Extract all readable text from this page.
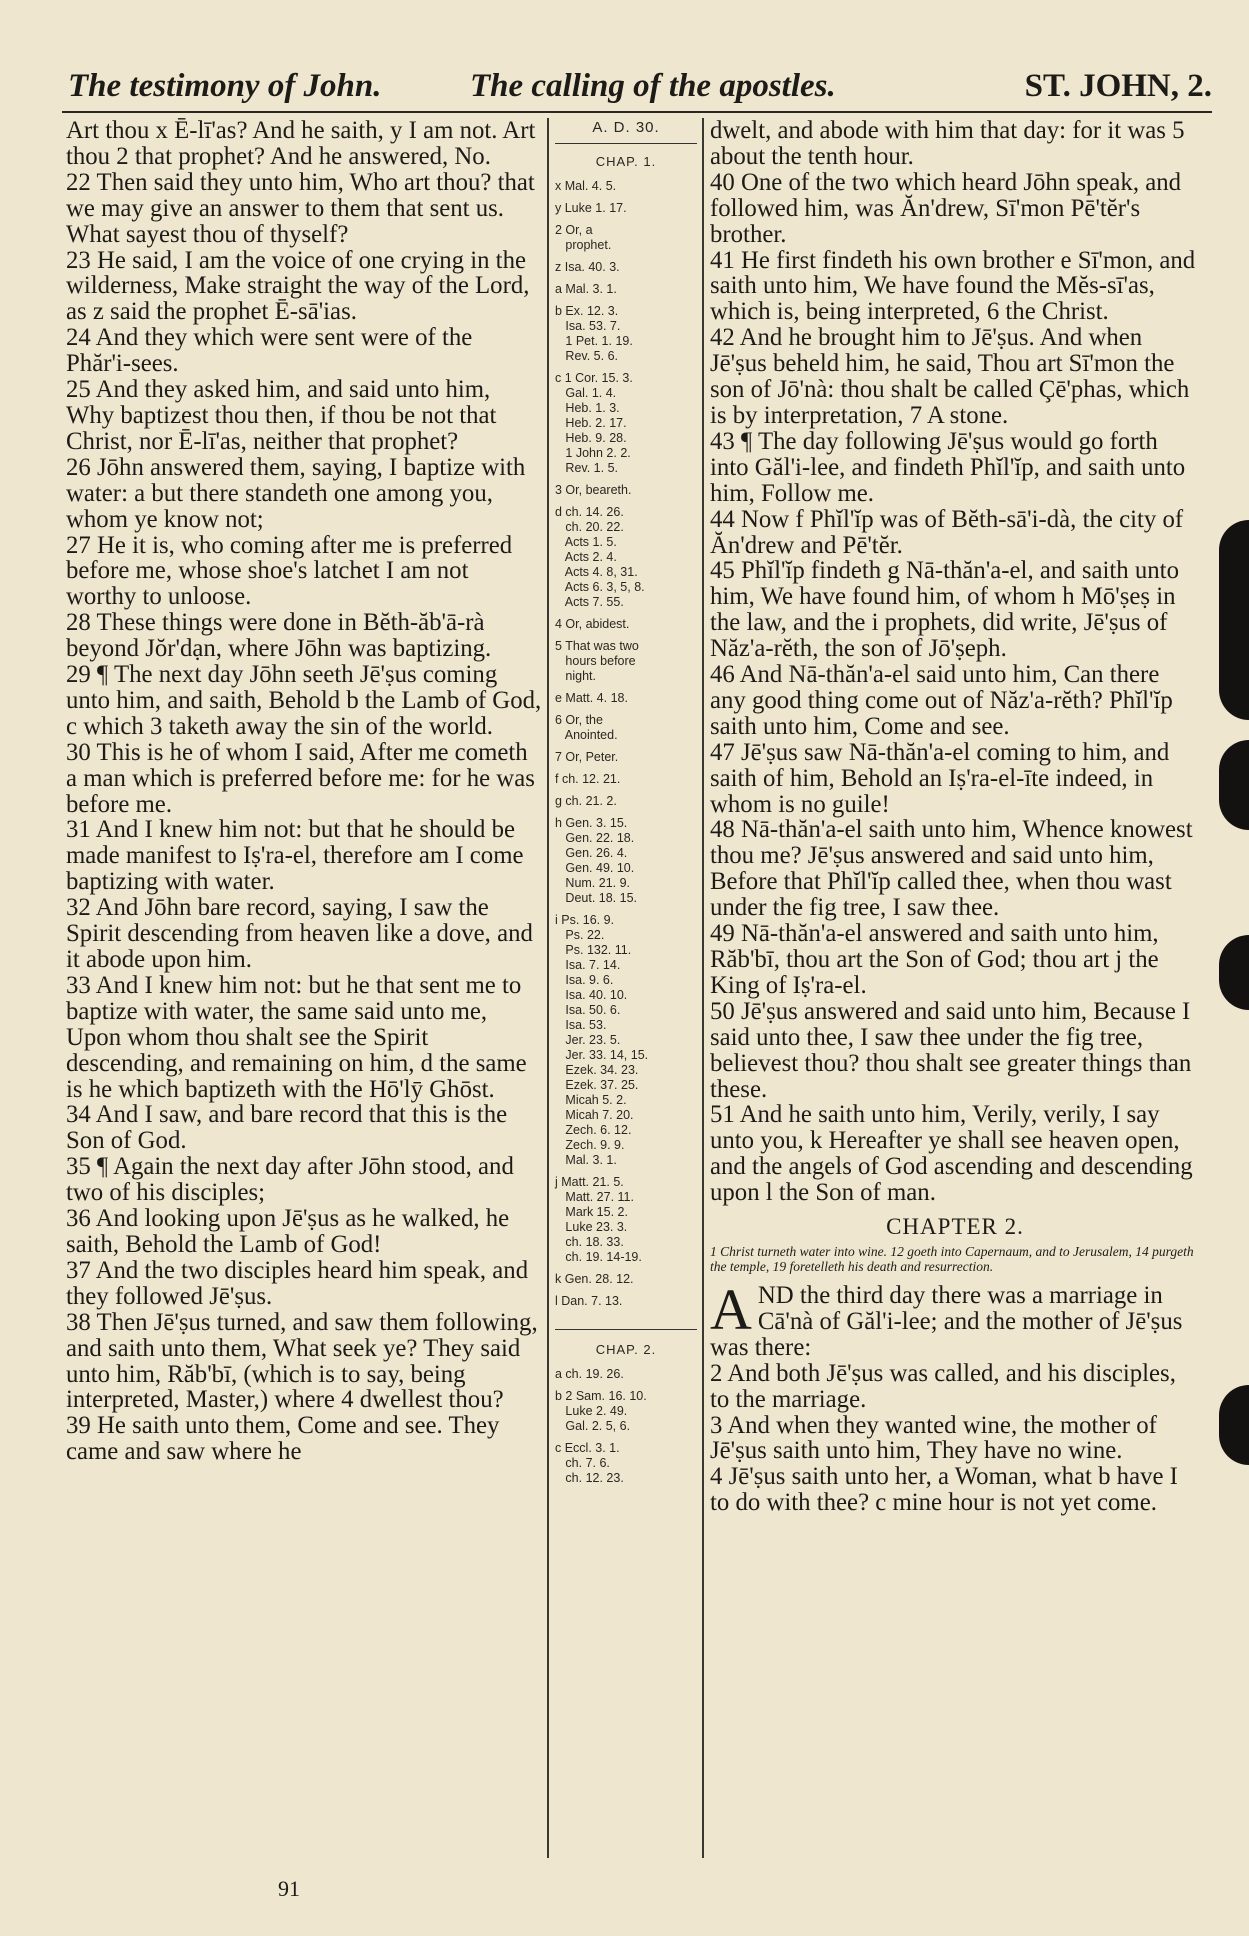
The testimony of John.	The calling of the apostles.	ST. JOHN, 2.

Art thou x Ē-lī'as? And he saith, y I am not. Art thou 2 that prophet? And he answered, No.

22 Then said they unto him, Who art thou? that we may give an answer to them that sent us. What sayest thou of thyself?

23 He said, I am the voice of one crying in the wilderness, Make straight the way of the Lord, as z said the prophet Ē-sā'ias.

24 And they which were sent were of the Phăr'i-sees.

25 And they asked him, and said unto him, Why baptizest thou then, if thou be not that Christ, nor Ē-lī'as, neither that prophet?

26 Jōhn answered them, saying, I baptize with water: a but there standeth one among you, whom ye know not;

27 He it is, who coming after me is preferred before me, whose shoe's latchet I am not worthy to unloose.

28 These things were done in Bĕth-ăb'ā-rà beyond Jŏr'dạn, where Jōhn was baptizing.

29 ¶ The next day Jōhn seeth Jē'ṣus coming unto him, and saith, Behold b the Lamb of God, c which 3 taketh away the sin of the world.

30 This is he of whom I said, After me cometh a man which is preferred before me: for he was before me.

31 And I knew him not: but that he should be made manifest to Iṣ'ra-el, therefore am I come baptizing with water.

32 And Jōhn bare record, saying, I saw the Spirit descending from heaven like a dove, and it abode upon him.

33 And I knew him not: but he that sent me to baptize with water, the same said unto me, Upon whom thou shalt see the Spirit descending, and remaining on him, d the same is he which baptizeth with the Hō'lȳ Ghōst.

34 And I saw, and bare record that this is the Son of God.

35 ¶ Again the next day after Jōhn stood, and two of his disciples;

36 And looking upon Jē'ṣus as he walked, he saith, Behold the Lamb of God!

37 And the two disciples heard him speak, and they followed Jē'ṣus.

38 Then Jē'ṣus turned, and saw them following, and saith unto them, What seek ye? They said unto him, Răb'bī, (which is to say, being interpreted, Master,) where 4 dwellest thou?

39 He saith unto them, Come and see. They came and saw where he

A. D. 30.
CHAP. 1.
x Mal. 4. 5.
y Luke 1. 17.
2 Or, a
prophet.
z Isa. 40. 3.
a Mal. 3. 1.
b Ex. 12. 3.
Isa. 53. 7.
1 Pet. 1. 19.
Rev. 5. 6.
c 1 Cor. 15. 3.
Gal. 1. 4.
Heb. 1. 3.
Heb. 2. 17.
Heb. 9. 28.
1 John 2. 2.
Rev. 1. 5.
3 Or, beareth.
d ch. 14. 26.
ch. 20. 22.
Acts 1. 5.
Acts 2. 4.
Acts 4. 8, 31.
Acts 6. 3, 5, 8.
Acts 7. 55.
4 Or, abidest.
5 That was two
hours before
night.
e Matt. 4. 18.
6 Or, the
Anointed.
7 Or, Peter.
f ch. 12. 21.
g ch. 21. 2.
h Gen. 3. 15.
Gen. 22. 18.
Gen. 26. 4.
Gen. 49. 10.
Num. 21. 9.
Deut. 18. 15.
i Ps. 16. 9.
Ps. 22.
Ps. 132. 11.
Isa. 7. 14.
Isa. 9. 6.
Isa. 40. 10.
Isa. 50. 6.
Isa. 53.
Jer. 23. 5.
Jer. 33. 14, 15.
Ezek. 34. 23.
Ezek. 37. 25.
Micah 5. 2.
Micah 7. 20.
Zech. 6. 12.
Zech. 9. 9.
Mal. 3. 1.
j Matt. 21. 5.
Matt. 27. 11.
Mark 15. 2.
Luke 23. 3.
ch. 18. 33.
ch. 19. 14-19.
k Gen. 28. 12.
l Dan. 7. 13.
CHAP. 2.
a ch. 19. 26.
b 2 Sam. 16. 10.
Luke 2. 49.
Gal. 2. 5, 6.
c Eccl. 3. 1.
ch. 7. 6.
ch. 12. 23.

dwelt, and abode with him that day: for it was 5 about the tenth hour.

40 One of the two which heard Jōhn speak, and followed him, was Ăn'drew, Sī'mon Pē'tĕr's brother.

41 He first findeth his own brother e Sī'mon, and saith unto him, We have found the Mĕs-sī'as, which is, being interpreted, 6 the Christ.

42 And he brought him to Jē'ṣus. And when Jē'ṣus beheld him, he said, Thou art Sī'mon the son of Jō'nà: thou shalt be called Çē'phas, which is by interpretation, 7 A stone.

43 ¶ The day following Jē'ṣus would go forth into Găl'i-lee, and findeth Phĭl'ĭp, and saith unto him, Follow me.

44 Now f Phĭl'ĭp was of Bĕth-sā'i-dà, the city of Ăn'drew and Pē'tĕr.

45 Phĭl'ĭp findeth g Nā-thăn'a-el, and saith unto him, We have found him, of whom h Mō'ṣeṣ in the law, and the i prophets, did write, Jē'ṣus of Năz'a-rĕth, the son of Jō'ṣeph.

46 And Nā-thăn'a-el said unto him, Can there any good thing come out of Năz'a-rĕth? Phĭl'ĭp saith unto him, Come and see.

47 Jē'ṣus saw Nā-thăn'a-el coming to him, and saith of him, Behold an Iṣ'ra-el-īte indeed, in whom is no guile!

48 Nā-thăn'a-el saith unto him, Whence knowest thou me? Jē'ṣus answered and said unto him, Before that Phĭl'ĭp called thee, when thou wast under the fig tree, I saw thee.

49 Nā-thăn'a-el answered and saith unto him, Răb'bī, thou art the Son of God; thou art j the King of Iṣ'ra-el.

50 Jē'ṣus answered and said unto him, Because I said unto thee, I saw thee under the fig tree, believest thou? thou shalt see greater things than these.

51 And he saith unto him, Verily, verily, I say unto you, k Hereafter ye shall see heaven open, and the angels of God ascending and descending upon l the Son of man.

CHAPTER 2.
1 Christ turneth water into wine. 12 goeth into Capernaum, and to Jerusalem, 14 purgeth the temple, 19 foretelleth his death and resurrection.

AND the third day there was a marriage in Cā'nà of Găl'i-lee; and the mother of Jē'ṣus was there:

2 And both Jē'ṣus was called, and his disciples, to the marriage.

3 And when they wanted wine, the mother of Jē'ṣus saith unto him, They have no wine.

4 Jē'ṣus saith unto her, a Woman, what b have I to do with thee? c mine hour is not yet come.

91
